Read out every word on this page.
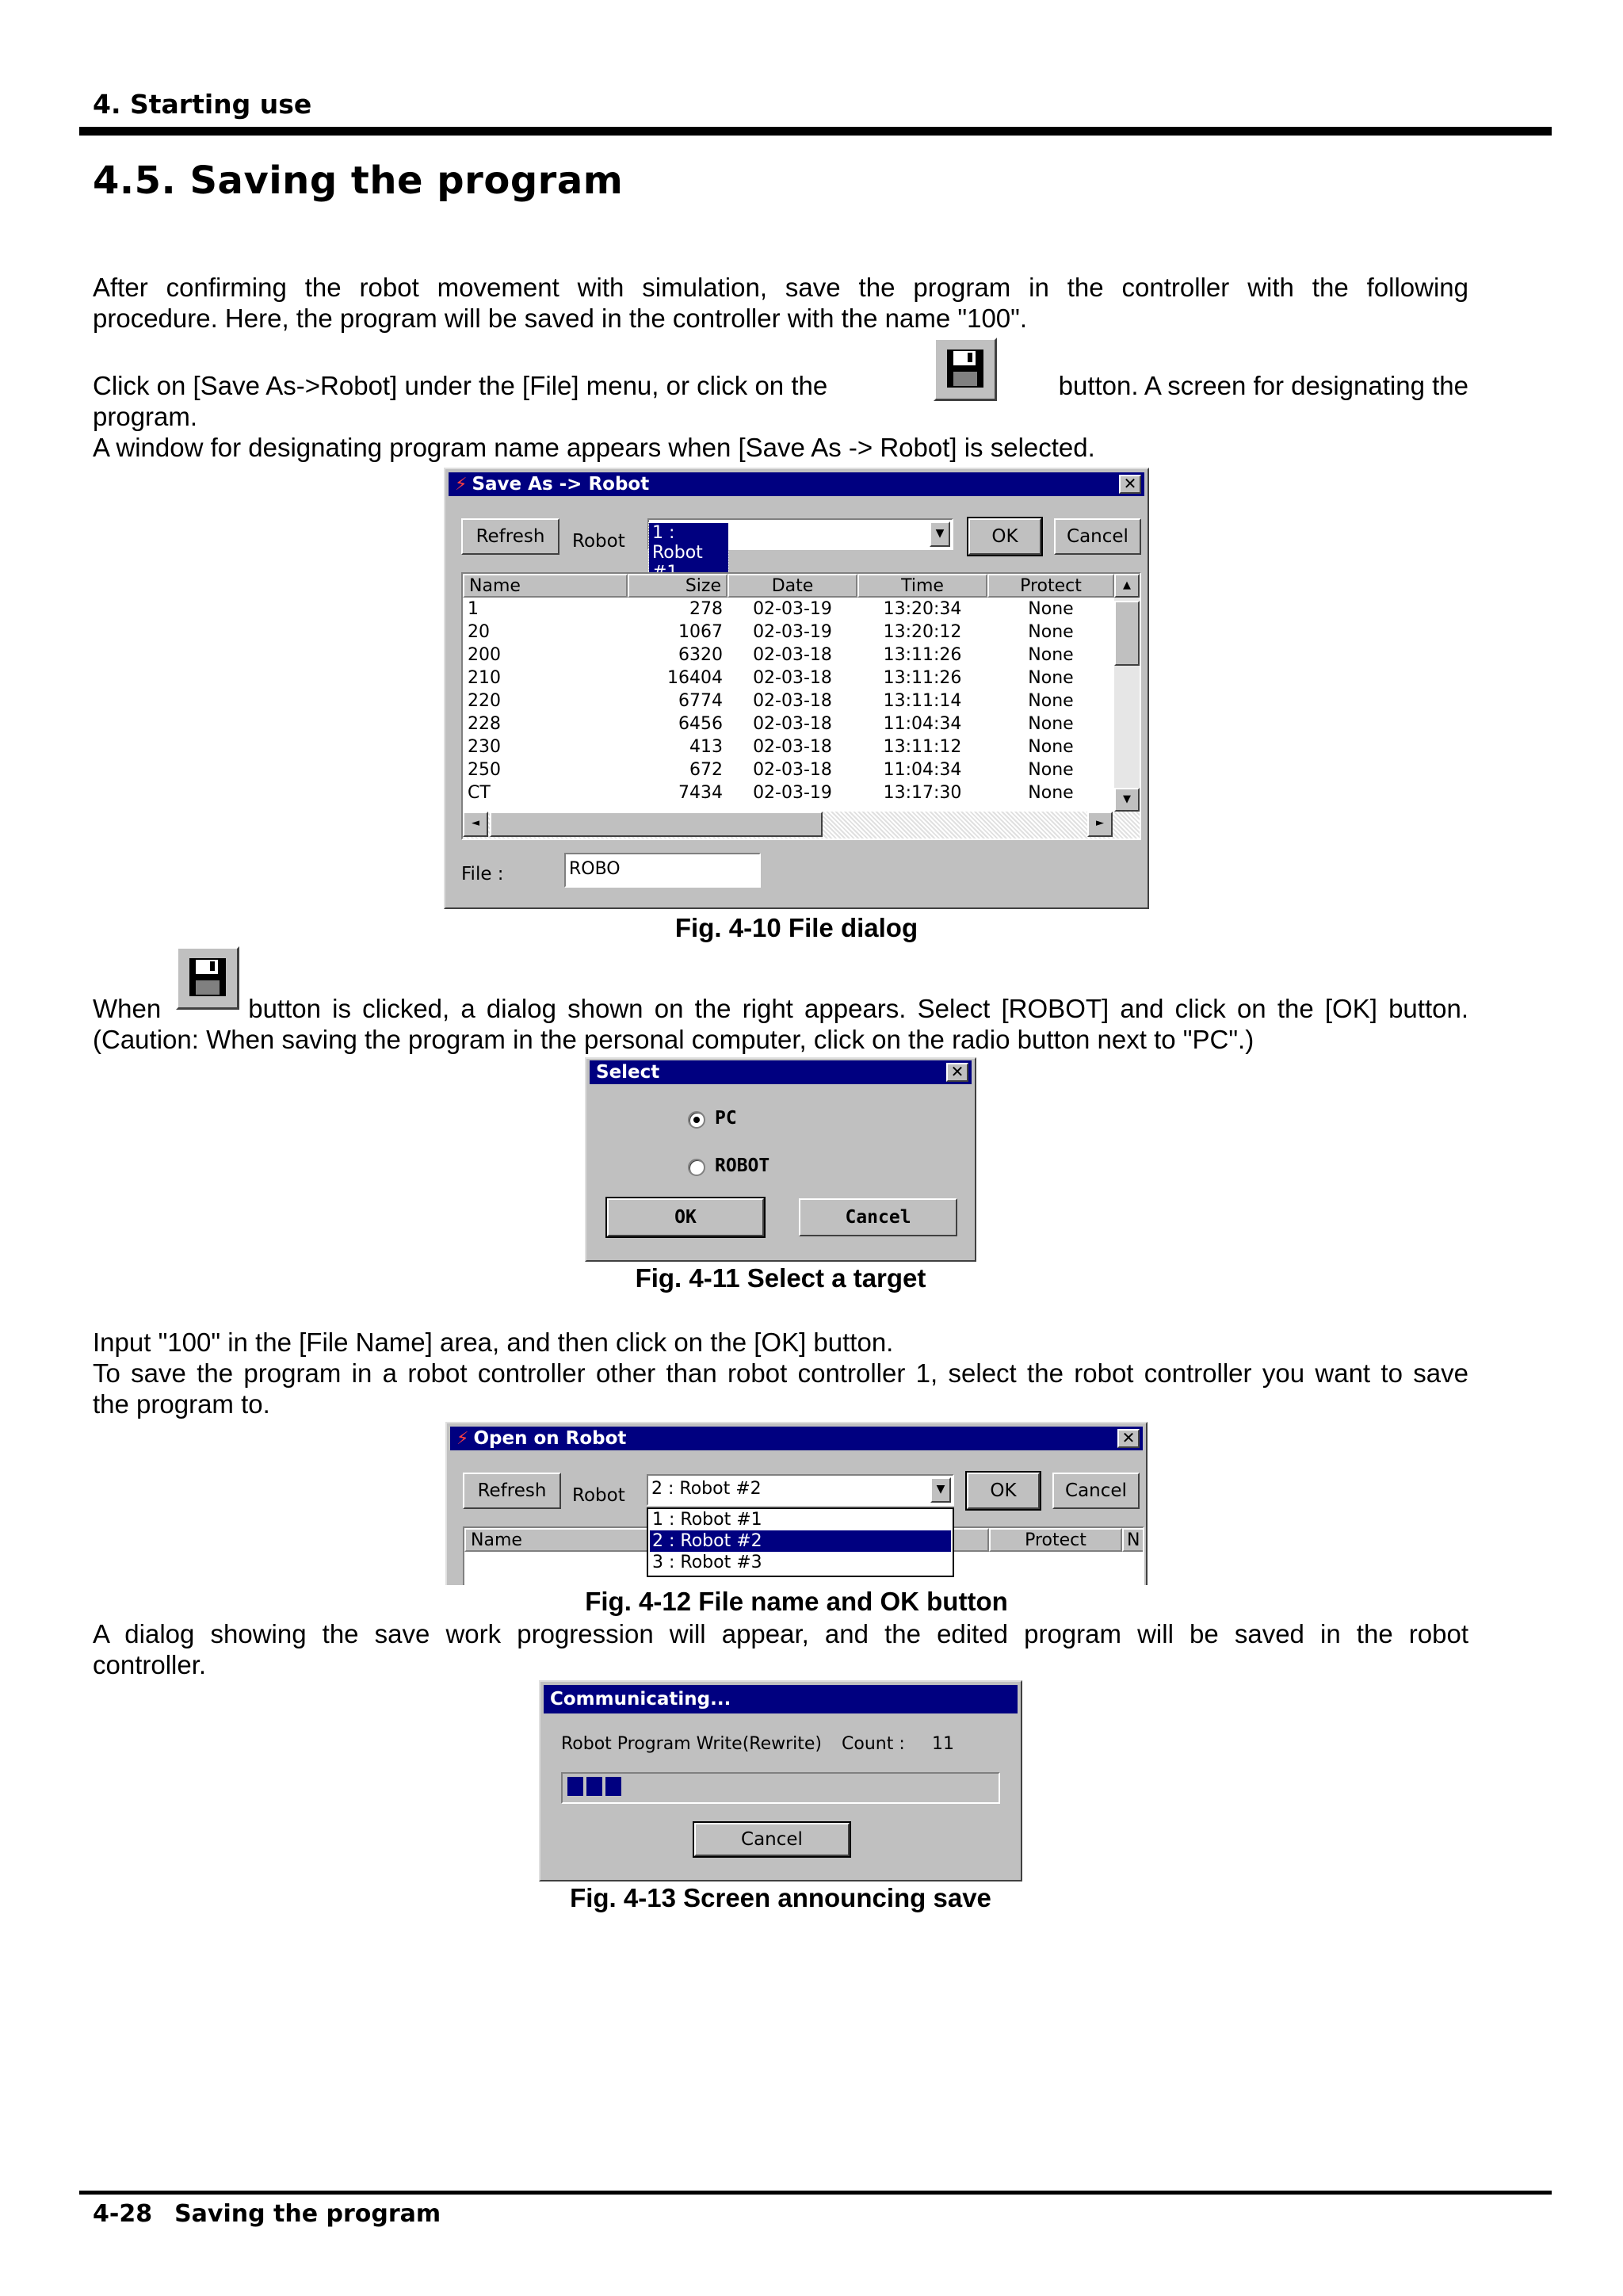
4. Starting use
4.5. Saving the program
After confirming the robot movement with simulation, save the program in the controller with the following
procedure. Here, the program will be saved in the controller with the name "100".
Click on [Save As->Robot] under the [File] menu, or click on the	button. A screen for designating the
program.
A window for designating program name appears when [Save As -> Robot] is selected.
⚡ Save As -> Robot	✕
Refresh	Robot 1 : Robot
▼	OK	Cancel
Name	Size	Date	Time	Protect
1	278	02-03-19	13:20:34	None
20	1067	02-03-19	13:20:12	None
200	6320	02-03-18	13:11:26	None
210	16404	02-03-18	13:11:26	None
220	6774	02-03-18	13:11:14	None
228	6456	02-03-18	11:04:34	None
230	413	02-03-18	13:11:12	None
250	672	02-03-18	11:04:34	None
CT	7434	02-03-19	13:17:30	None
▲
▼
◄	►
File :	ROBO
Fig. 4-10 File dialog
When	button is clicked, a dialog shown on the right appears. Select [ROBOT] and click on the [OK] button.
(Caution: When saving the program in the personal computer, click on the radio button next to "PC".)
Select	✕
PC
ROBOT
OK	Cancel
Fig. 4-11 Select a target
Input "100" in the [File Name] area, and then click on the [OK] button.
To save the program in a robot controller other than robot controller 1, select the robot controller you want to save
the program to.
⚡ Open on Robot	✕
Refresh	Robot 2 : Robot #2	▼	OK	Cancel
Name	Protect	N
1 : Robot #1
2 : Robot #2
3 : Robot #3
Fig. 4-12 File name and OK button
A dialog showing the save work progression will appear, and the edited program will be saved in the robot
controller.
Communicating...
Robot Program Write(Rewrite) Count : 11
Cancel
Fig. 4-13 Screen announcing save
4-28 Saving the program
